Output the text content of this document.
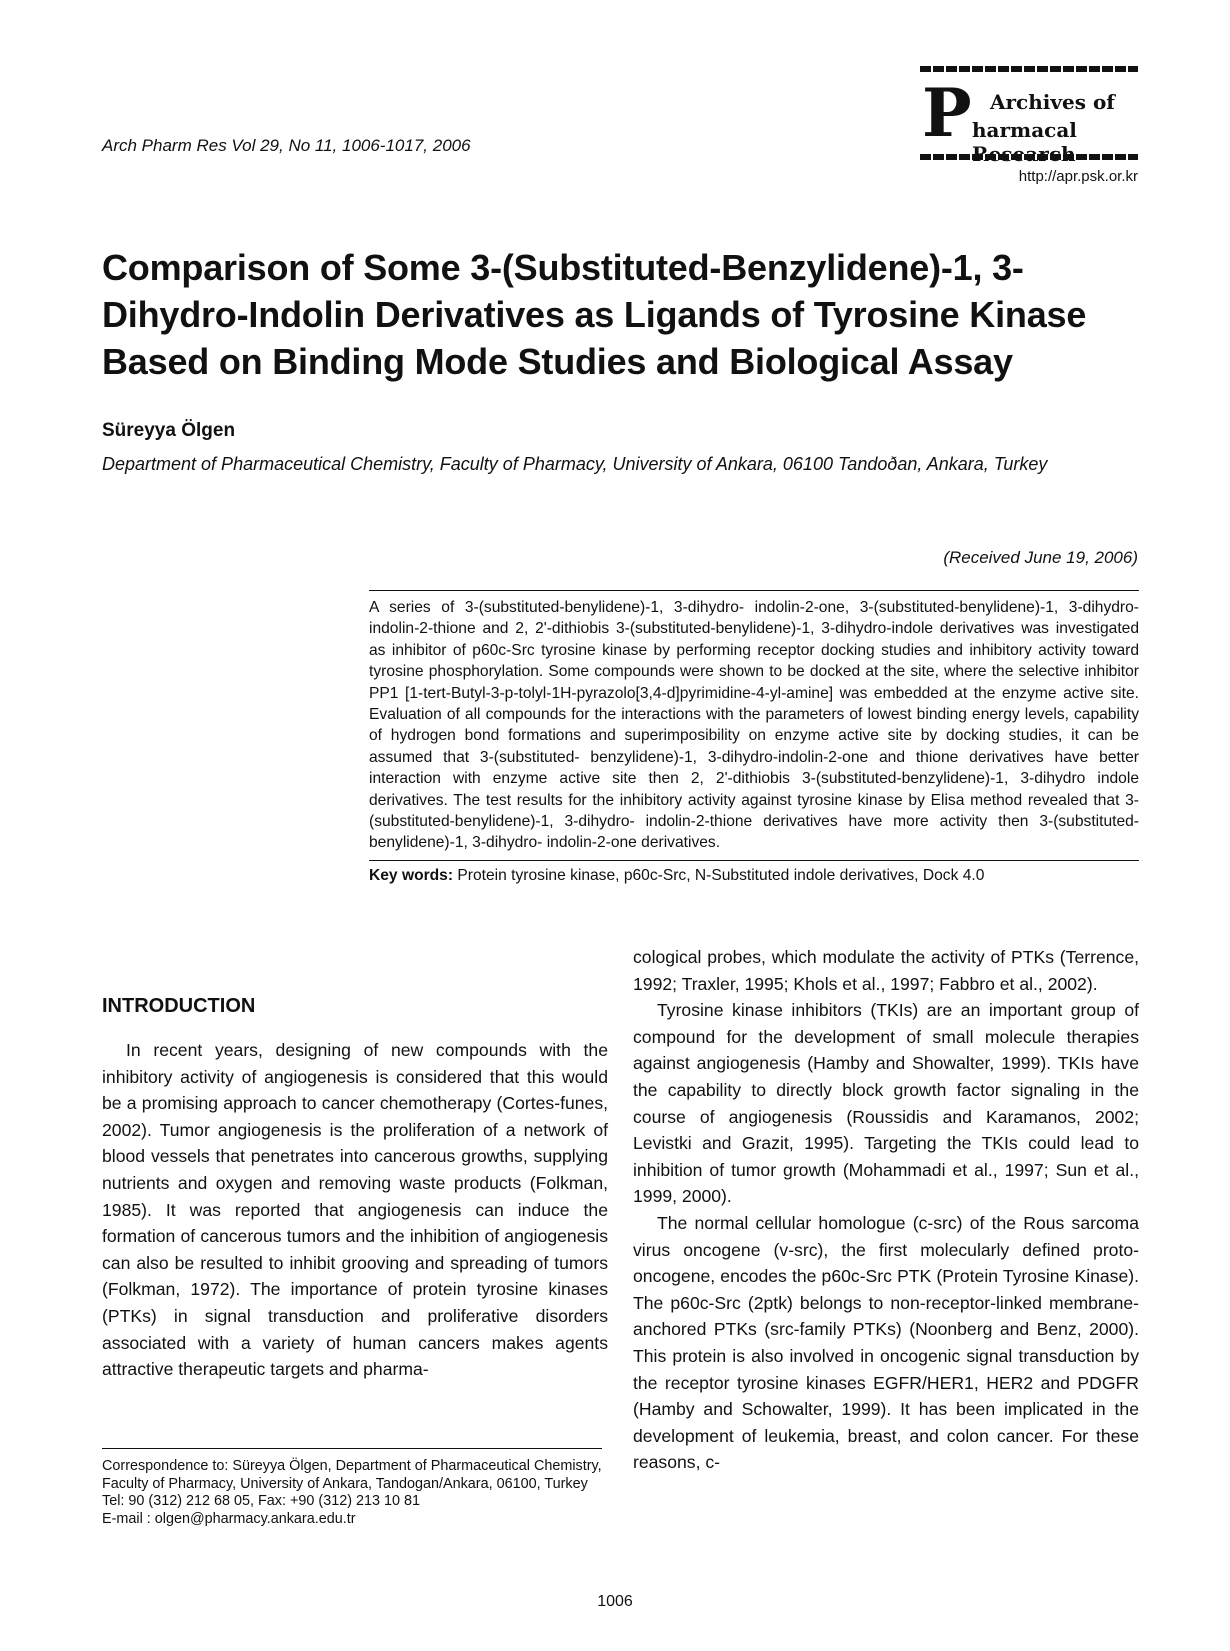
Arch Pharm Res Vol 29, No 11, 1006-1017, 2006	P Archives of
harmacal
http://apr.psk.or.kr
Comparison of Some 3-(Substituted-Benzylidene)-1, 3-Dihydro-Indolin Derivatives as Ligands of Tyrosine Kinase Based on Binding Mode Studies and Biological Assay
Süreyya Ölgen
Department of Pharmaceutical Chemistry, Faculty of Pharmacy, University of Ankara, 06100 Tandoðan, Ankara, Turkey
(Received June 19, 2006)
A series of 3-(substituted-benylidene)-1, 3-dihydro- indolin-2-one, 3-(substituted-benylidene)-1, 3-dihydro- indolin-2-thione and 2, 2'-dithiobis 3-(substituted-benylidene)-1, 3-dihydro-indole derivatives was investigated as inhibitor of p60c-Src tyrosine kinase by performing receptor docking studies and inhibitory activity toward tyrosine phosphorylation. Some compounds were shown to be docked at the site, where the selective inhibitor PP1 [1-tert-Butyl-3-p-tolyl-1H-pyrazolo[3,4-d]pyrimidine-4-yl-amine] was embedded at the enzyme active site. Evaluation of all compounds for the interactions with the parameters of lowest binding energy levels, capability of hydrogen bond formations and superimposibility on enzyme active site by docking studies, it can be assumed that 3-(substituted- benzylidene)-1, 3-dihydro-indolin-2-one and thione derivatives have better interaction with enzyme active site then 2, 2'-dithiobis 3-(substituted-benzylidene)-1, 3-dihydro indole derivatives. The test results for the inhibitory activity against tyrosine kinase by Elisa method revealed that 3-(substituted-benylidene)-1, 3-dihydro- indolin-2-thione derivatives have more activity then 3-(substituted-benylidene)-1, 3-dihydro- indolin-2-one derivatives.
Key words: Protein tyrosine kinase, p60c-Src, N-Substituted indole derivatives, Dock 4.0
INTRODUCTION

In recent years, designing of new compounds with the inhibitory activity of angiogenesis is considered that this would be a promising approach to cancer chemotherapy (Cortes-funes, 2002). Tumor angiogenesis is the proliferation of a network of blood vessels that penetrates into cancerous growths, supplying nutrients and oxygen and removing waste products (Folkman, 1985). It was reported that angiogenesis can induce the formation of cancerous tumors and the inhibition of angiogenesis can also be resulted to inhibit grooving and spreading of tumors (Folkman, 1972). The importance of protein tyrosine kinases (PTKs) in signal transduction and proliferative disorders associated with a variety of human cancers makes agents attractive therapeutic targets and pharma-

cological probes, which modulate the activity of PTKs (Terrence, 1992; Traxler, 1995; Khols et al., 1997; Fabbro et al., 2002).

Tyrosine kinase inhibitors (TKIs) are an important group of compound for the development of small molecule therapies against angiogenesis (Hamby and Showalter, 1999). TKIs have the capability to directly block growth factor signaling in the course of angiogenesis (Roussidis and Karamanos, 2002; Levistki and Grazit, 1995). Targeting the TKIs could lead to inhibition of tumor growth (Mohammadi et al., 1997; Sun et al., 1999, 2000).

The normal cellular homologue (c-src) of the Rous sarcoma virus oncogene (v-src), the first molecularly defined proto-oncogene, encodes the p60c-Src PTK (Protein Tyrosine Kinase). The p60c-Src (2ptk) belongs to non-receptor-linked membrane-anchored PTKs (src-family PTKs) (Noonberg and Benz, 2000). This protein is also involved in oncogenic signal transduction by the receptor tyrosine kinases EGFR/HER1, HER2 and PDGFR (Hamby and Schowalter, 1999). It has been implicated in the development of leukemia, breast, and colon cancer. For these reasons, c-

Correspondence to: Süreyya Ölgen, Department of Pharmaceutical Chemistry, Faculty of Pharmacy, University of Ankara, Tandogan/Ankara, 06100, Turkey
Tel: 90 (312) 212 68 05, Fax: +90 (312) 213 10 81
E-mail : olgen@pharmacy.ankara.edu.tr
1006
